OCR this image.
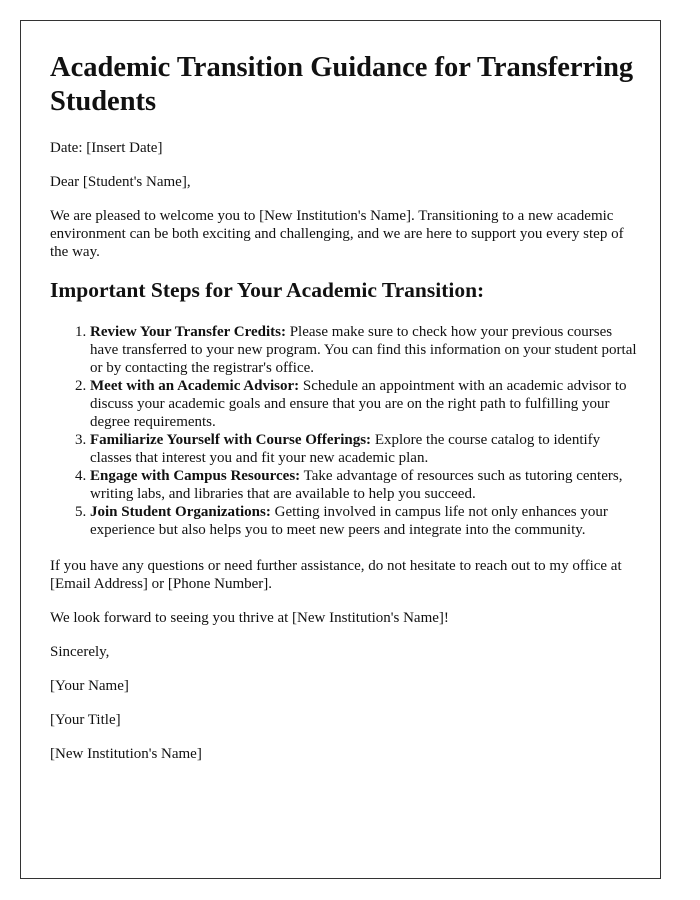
Academic Transition Guidance for Transferring Students

Date: [Insert Date]

Dear [Student's Name],

We are pleased to welcome you to [New Institution's Name]. Transitioning to a new academic environment can be both exciting and challenging, and we are here to support you every step of the way.

Important Steps for Your Academic Transition:
1. Review Your Transfer Credits: Please make sure to check how your previous courses have transferred to your new program. You can find this information on your student portal or by contacting the registrar's office.
2. Meet with an Academic Advisor: Schedule an appointment with an academic advisor to discuss your academic goals and ensure that you are on the right path to fulfilling your degree requirements.
3. Familiarize Yourself with Course Offerings: Explore the course catalog to identify classes that interest you and fit your new academic plan.
4. Engage with Campus Resources: Take advantage of resources such as tutoring centers, writing labs, and libraries that are available to help you succeed.
5. Join Student Organizations: Getting involved in campus life not only enhances your experience but also helps you to meet new peers and integrate into the community.

If you have any questions or need further assistance, do not hesitate to reach out to my office at [Email Address] or [Phone Number].

We look forward to seeing you thrive at [New Institution's Name]!

Sincerely,

[Your Name]

[Your Title]

[New Institution's Name]
